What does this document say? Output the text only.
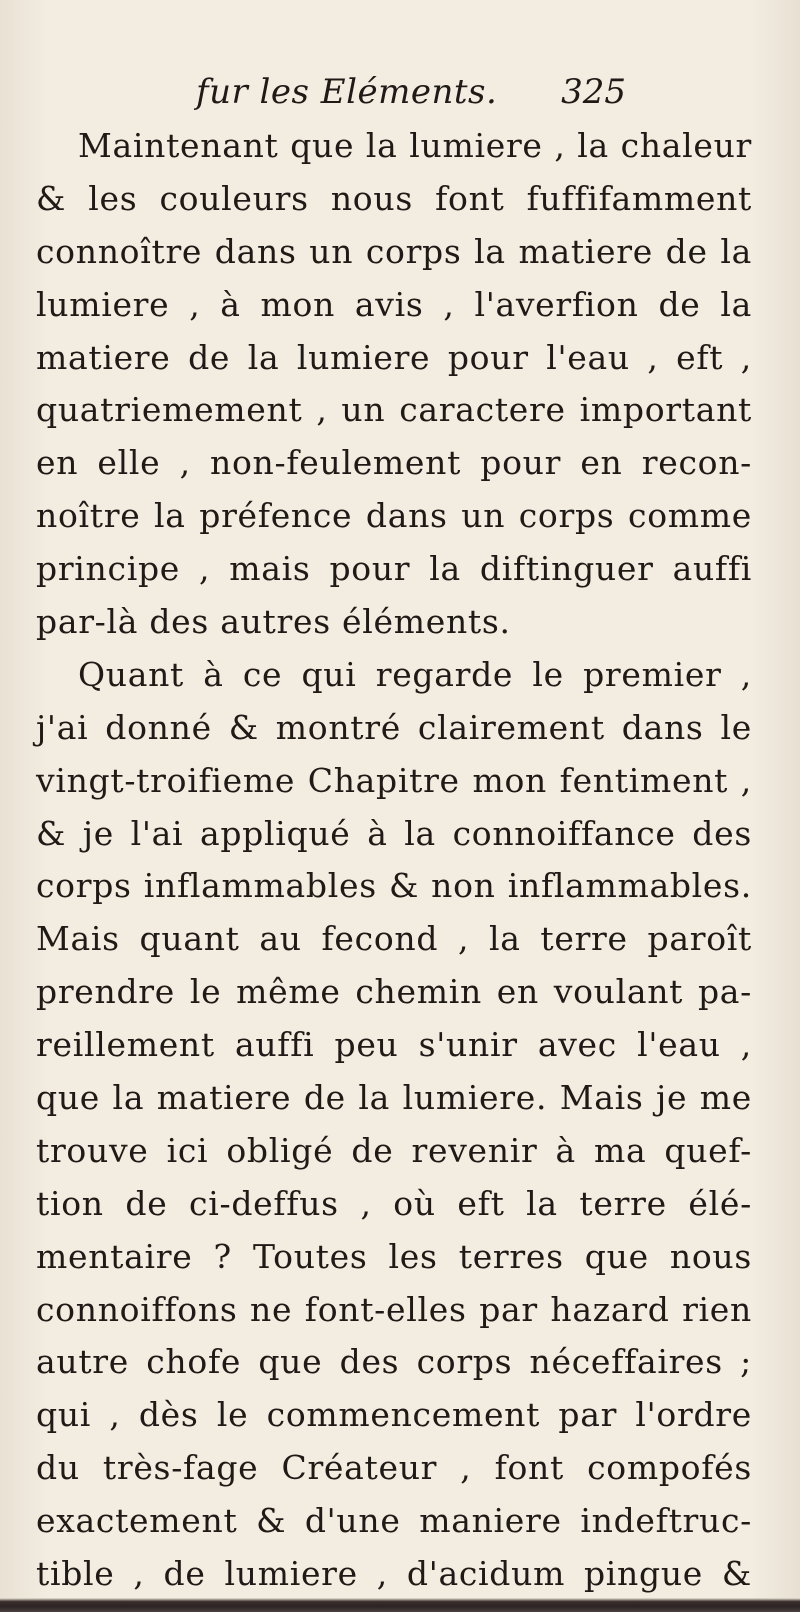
fur les Eléments. 325
Maintenant que la lumiere , la chaleur
& les couleurs nous font fuffifamment
connoître dans un corps la matiere de la
lumiere , à mon avis , l'averfion de la
matiere de la lumiere pour l'eau , eft ,
quatriemement , un caractere important
en elle , non-feulement pour en recon-
noître la préfence dans un corps comme
principe , mais pour la diftinguer auffi
par-là des autres éléments.
Quant à ce qui regarde le premier ,
j'ai donné & montré clairement dans le
vingt-troifieme Chapitre mon fentiment ,
& je l'ai appliqué à la connoiffance des
corps inflammables & non inflammables.
Mais quant au fecond , la terre paroît
prendre le même chemin en voulant pa-
reillement auffi peu s'unir avec l'eau ,
que la matiere de la lumiere. Mais je me
trouve ici obligé de revenir à ma quef-
tion de ci-deffus , où eft la terre élé-
mentaire ? Toutes les terres que nous
connoiffons ne font-elles par hazard rien
autre chofe que des corps néceffaires ;
qui , dès le commencement par l'ordre
du très-fage Créateur , font compofés
exactement & d'une maniere indeftruc-
tible , de lumiere , d'acidum pingue &
